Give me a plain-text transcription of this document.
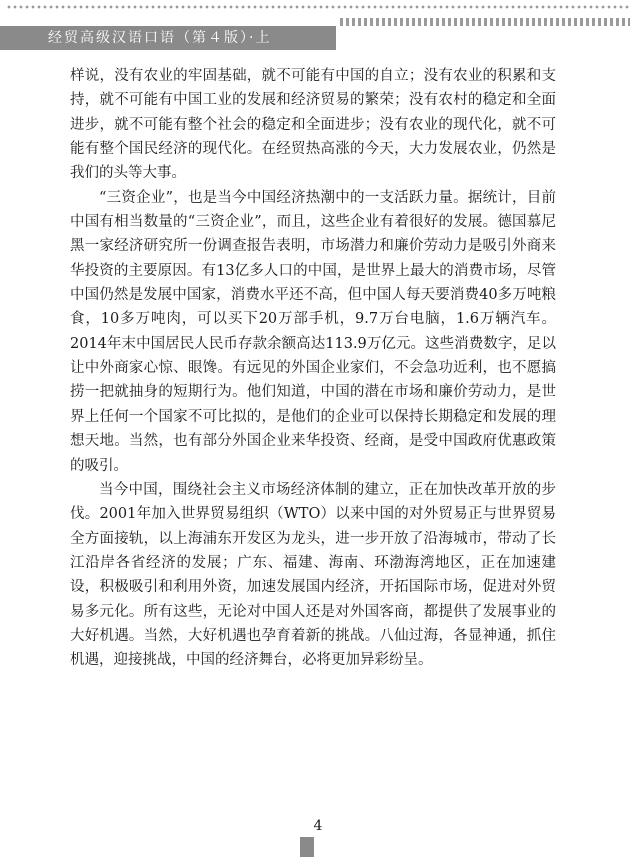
经贸高级汉语口语（第４版）·上

样说，没有农业的牢固基础，就不可能有中国的自立；没有农业的积累和支持，就不可能有中国工业的发展和经济贸易的繁荣；没有农村的稳定和全面进步，就不可能有整个社会的稳定和全面进步；没有农业的现代化，就不可能有整个国民经济的现代化。在经贸热高涨的今天，大力发展农业，仍然是我们的头等大事。

“三资企业”，也是当今中国经济热潮中的一支活跃力量。据统计，目前中国有相当数量的“三资企业”，而且，这些企业有着很好的发展。德国慕尼黑一家经济研究所一份调查报告表明，市场潜力和廉价劳动力是吸引外商来华投资的主要原因。有13亿多人口的中国，是世界上最大的消费市场，尽管中国仍然是发展中国家，消费水平还不高，但中国人每天要消费40多万吨粮食，10多万吨肉，可以买下20万部手机，9.7万台电脑，1.6万辆汽车。2014年末中国居民人民币存款余额高达113.9万亿元。这些消费数字，足以让中外商家心惊、眼馋。有远见的外国企业家们，不会急功近利，也不愿搞捞一把就抽身的短期行为。他们知道，中国的潜在市场和廉价劳动力，是世界上任何一个国家不可比拟的，是他们的企业可以保持长期稳定和发展的理想天地。当然，也有部分外国企业来华投资、经商，是受中国政府优惠政策的吸引。

当今中国，围绕社会主义市场经济体制的建立，正在加快改革开放的步伐。2001年加入世界贸易组织（WTO）以来中国的对外贸易正与世界贸易全方面接轨，以上海浦东开发区为龙头，进一步开放了沿海城市，带动了长江沿岸各省经济的发展；广东、福建、海南、环渤海湾地区，正在加速建设，积极吸引和利用外资，加速发展国内经济，开拓国际市场，促进对外贸易多元化。所有这些，无论对中国人还是对外国客商，都提供了发展事业的大好机遇。当然，大好机遇也孕育着新的挑战。八仙过海，各显神通，抓住机遇，迎接挑战，中国的经济舞台，必将更加异彩纷呈。

4
